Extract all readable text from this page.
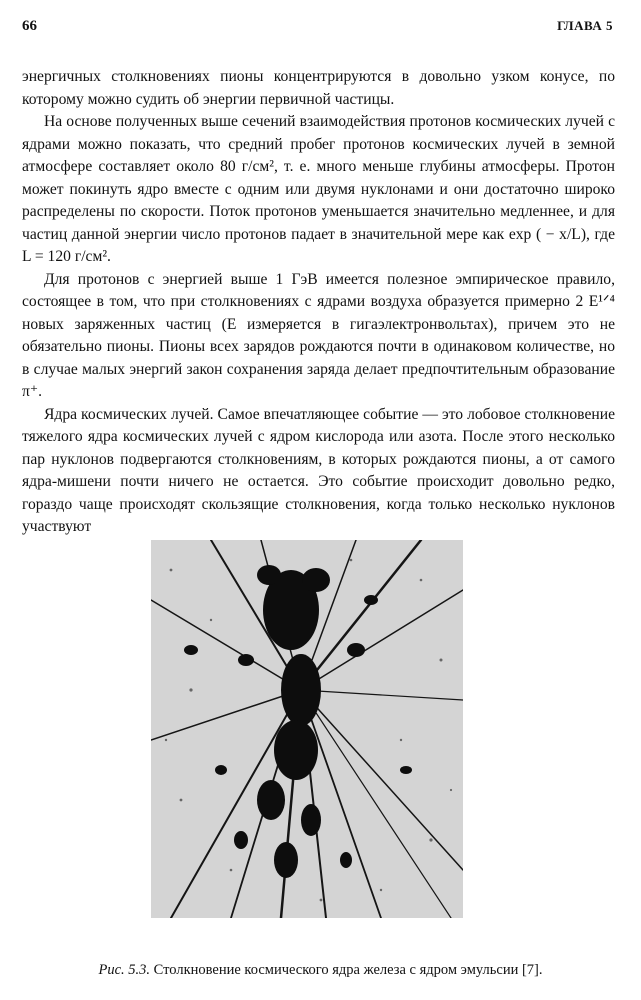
66	ГЛАВА 5

энергичных столкновениях пионы концентрируются в довольно узком конусе, по которому можно судить об энергии первичной частицы.

На основе полученных выше сечений взаимодействия протонов космических лучей с ядрами можно показать, что средний пробег протонов космических лучей в земной атмосфере составляет около 80 г/см², т. е. много меньше глубины атмосферы. Протон может покинуть ядро вместе с одним или двумя нуклонами и они достаточно широко распределены по скорости. Поток протонов уменьшается значительно медленнее, и для частиц данной энергии число протонов падает в значительной мере как exp ( − x/L), где L = 120 г/см².

Для протонов с энергией выше 1 ГэВ имеется полезное эмпирическое правило, состоящее в том, что при столкновениях с ядрами воздуха образуется примерно 2 E¹ᐟ⁴ новых заряженных частиц (E измеряется в гигаэлектронвольтах), причем это не обязательно пионы. Пионы всех зарядов рождаются почти в одинаковом количестве, но в случае малых энергий закон сохранения заряда делает предпочтительным образование π⁺.

Ядра космических лучей. Самое впечатляющее событие — это лобовое столкновение тяжелого ядра космических лучей с ядром кислорода или азота. После этого несколько пар нуклонов подвергаются столкновениям, в которых рождаются пионы, а от самого ядра-мишени почти ничего не остается. Это событие происходит довольно редко, гораздо чаще происходят скользящие столкновения, когда только несколько нуклонов участвуют

Рис. 5.3. Столкновение космического ядра железа с ядром эмульсии [7].
